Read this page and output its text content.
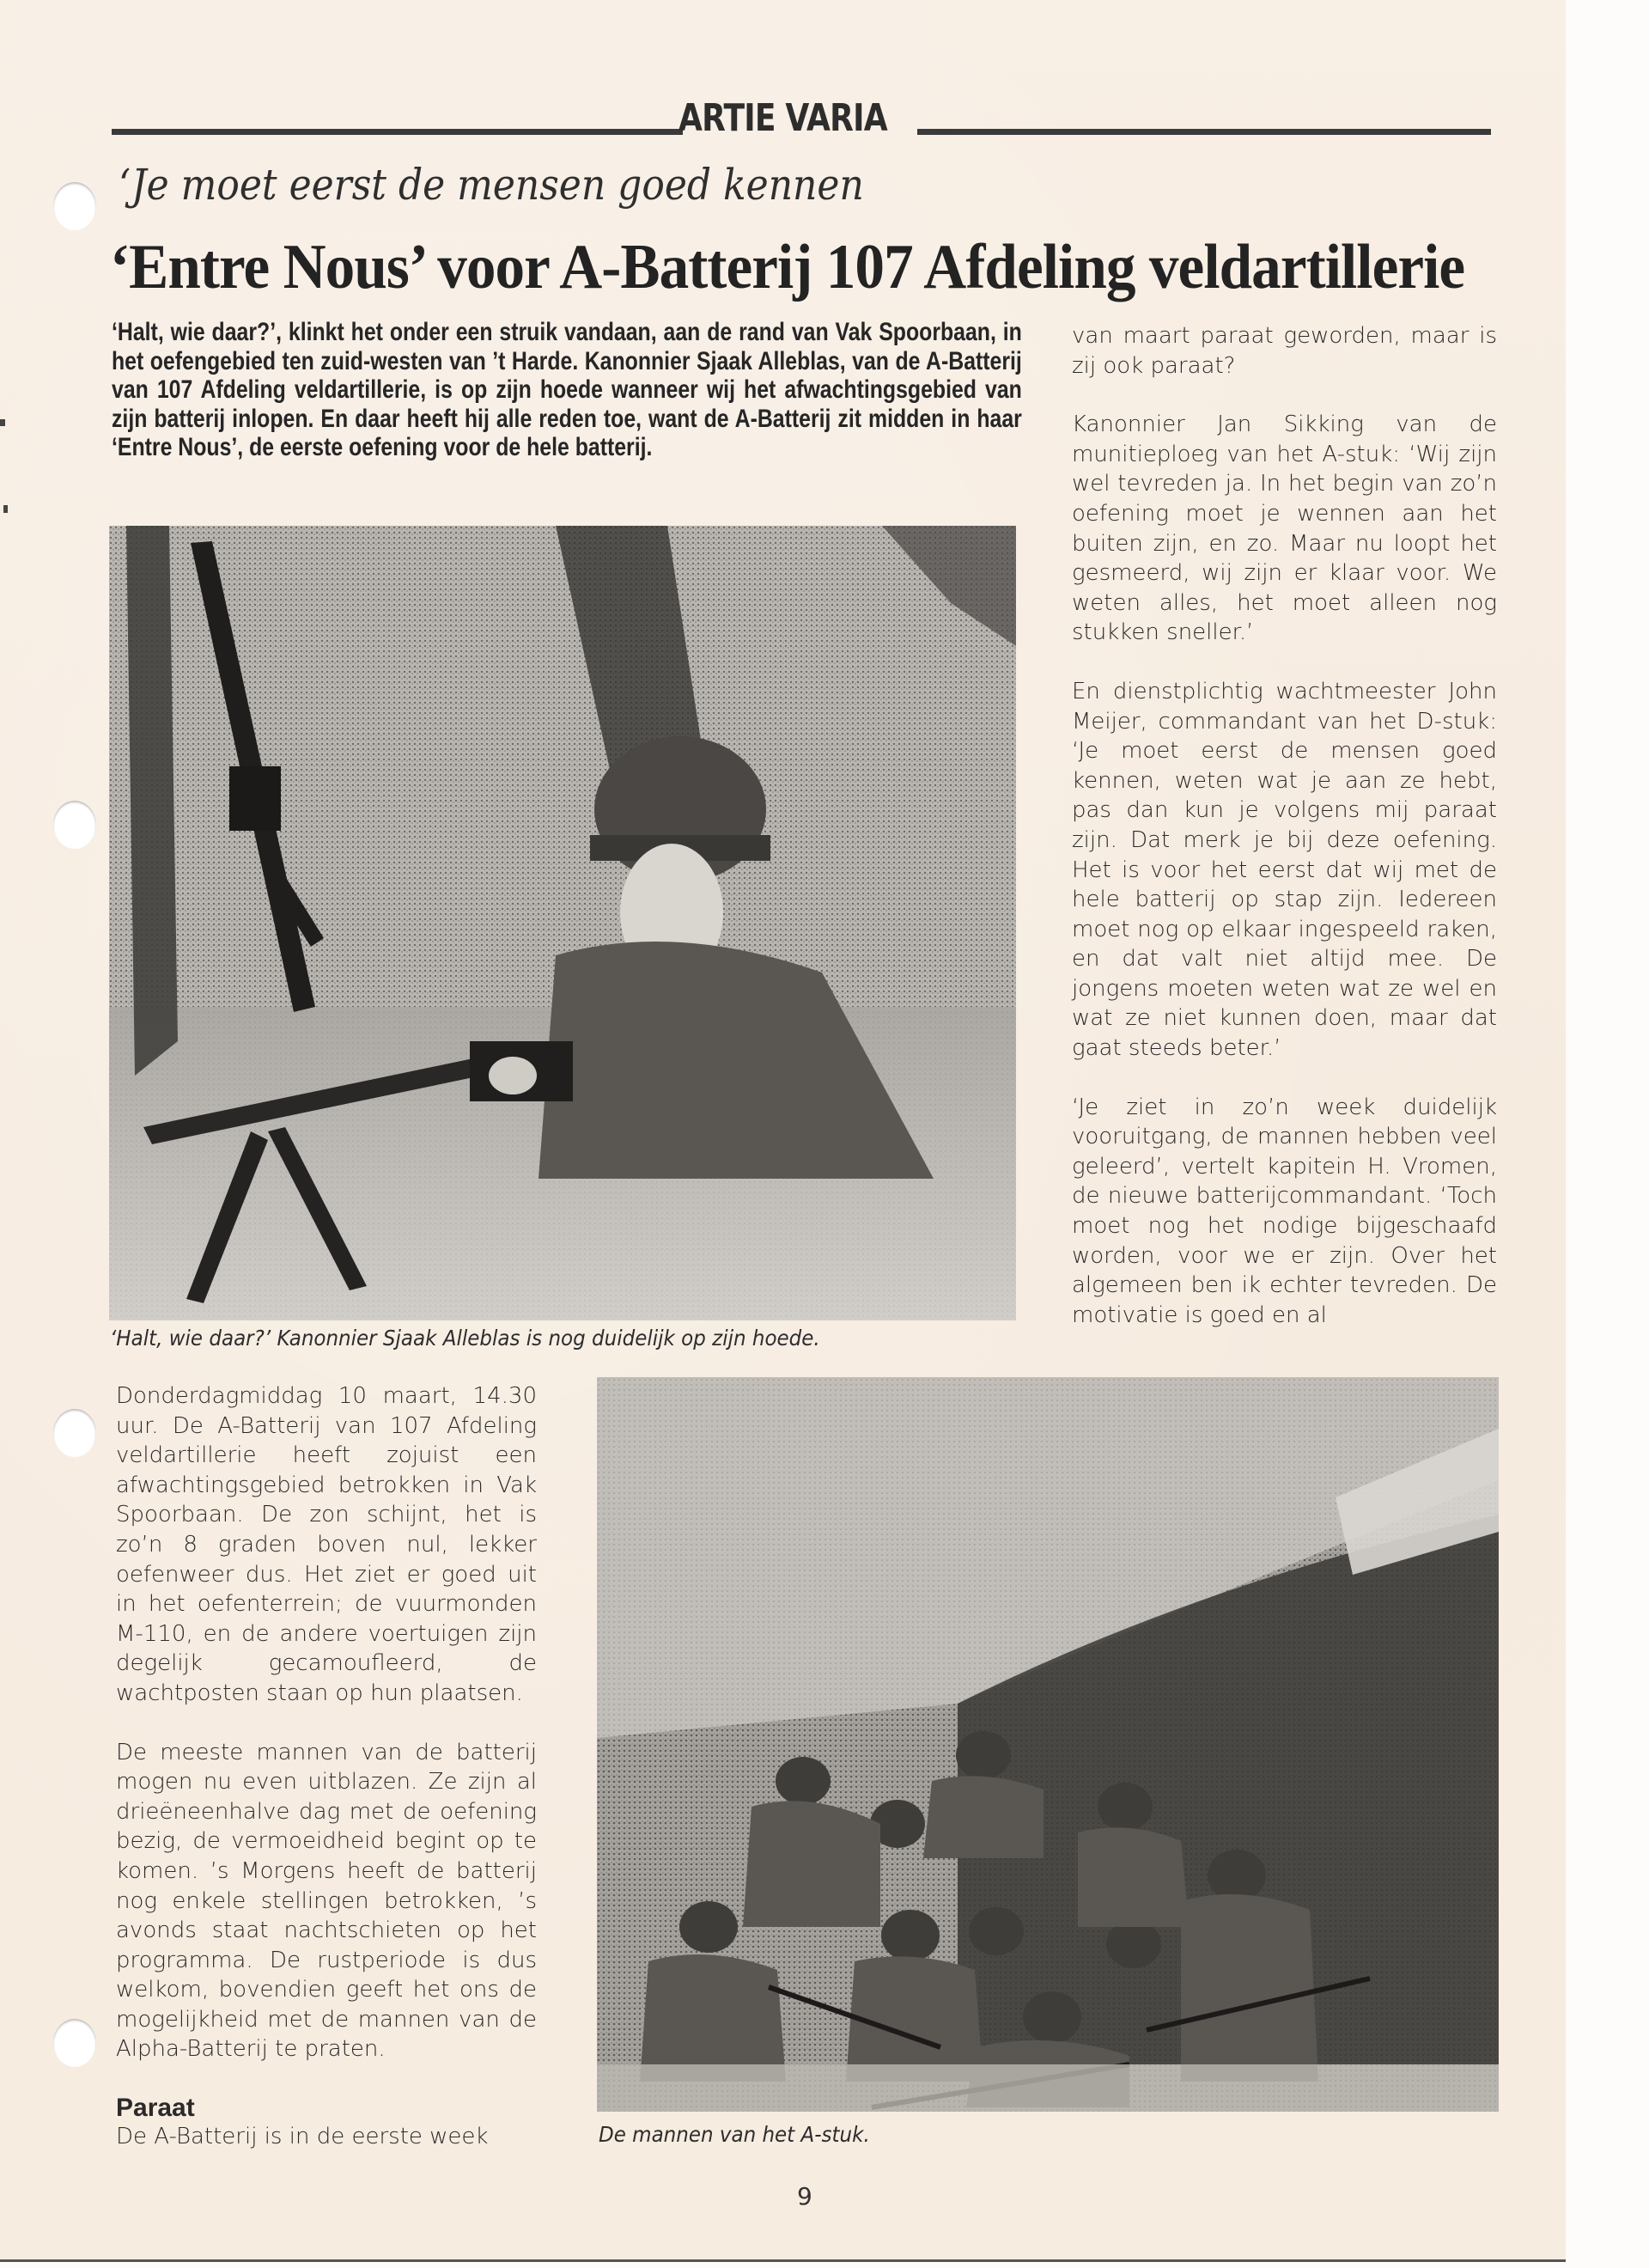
ARTIE VARIA
‘Je moet eerst de mensen goed kennen
‘Entre Nous’ voor A-Batterij 107 Afdeling veldartillerie
‘Halt, wie daar?’, klinkt het onder een struik vandaan, aan de rand van Vak Spoorbaan, in het oefengebied ten zuid-westen van ’t Harde. Kanonnier Sjaak Alleblas, van de A-Batterij van 107 Afdeling veldartillerie, is op zijn hoede wanneer wij het afwachtingsgebied van zijn batterij inlopen. En daar heeft hij alle reden toe, want de A-Batterij zit midden in haar ‘Entre Nous’, de eerste oefening voor de hele batterij.

van maart paraat geworden, maar is zij ook paraat?

Kanonnier Jan Sikking van de munitieploeg van het A-stuk: ‘Wij zijn wel tevreden ja. In het begin van zo’n oefening moet je wennen aan het buiten zijn, en zo. Maar nu loopt het gesmeerd, wij zijn er klaar voor. We weten alles, het moet alleen nog stukken sneller.’

En dienstplichtig wachtmeester John Meijer, commandant van het D-stuk: ‘Je moet eerst de mensen goed kennen, weten wat je aan ze hebt, pas dan kun je volgens mij paraat zijn. Dat merk je bij deze oefening. Het is voor het eerst dat wij met de hele batterij op stap zijn. Iedereen moet nog op elkaar ingespeeld raken, en dat valt niet altijd mee. De jongens moeten weten wat ze wel en wat ze niet kunnen doen, maar dat gaat steeds beter.’

‘Je ziet in zo’n week duidelijk vooruitgang, de mannen hebben veel geleerd’, vertelt kapitein H. Vromen, de nieuwe batterijcommandant. ‘Toch moet nog het nodige bijgeschaafd worden, voor we er zijn. Over het algemeen ben ik echter tevreden. De motivatie is goed en al

‘Halt, wie daar?’ Kanonnier Sjaak Alleblas is nog duidelijk op zijn hoede.

Donderdagmiddag 10 maart, 14.30 uur. De A-Batterij van 107 Afdeling veldartillerie heeft zojuist een afwachtingsgebied betrokken in Vak Spoorbaan. De zon schijnt, het is zo’n 8 graden boven nul, lekker oefenweer dus. Het ziet er goed uit in het oefenterrein; de vuurmonden M-110, en de andere voertuigen zijn degelijk gecamoufleerd, de wachtposten staan op hun plaatsen.

De meeste mannen van de batterij mogen nu even uitblazen. Ze zijn al drieëneenhalve dag met de oefening bezig, de vermoeidheid begint op te komen. ’s Morgens heeft de batterij nog enkele stellingen betrokken, ’s avonds staat nachtschieten op het programma. De rustperiode is dus welkom, bovendien geeft het ons de mogelijkheid met de mannen van de Alpha-Batterij te praten.

Paraat

De A-Batterij is in de eerste week	De mannen van het A-stuk.
9
